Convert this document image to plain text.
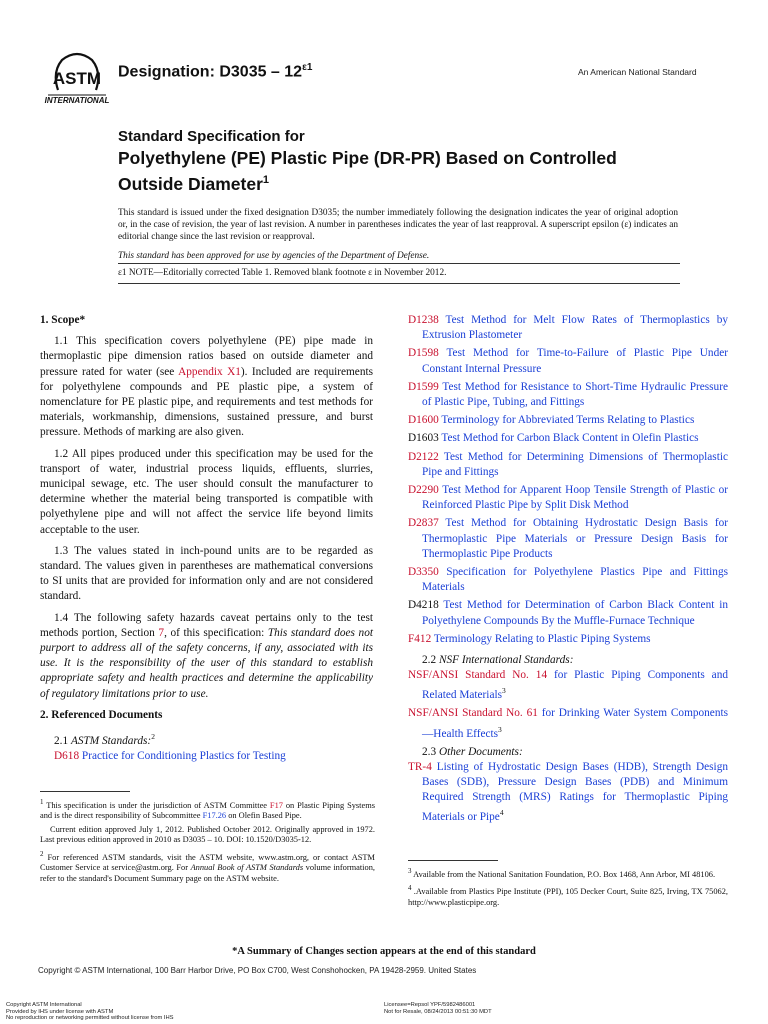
ASTM
INTERNATIONAL
Designation: $D3035 - 12^{\varepsilon 1}$	An American National Standard
Standard Specification for
Polyethylene (PE) Plastic Pipe (DR-PR) Based on Controlled
Outside Diameter$^1$

This standard is issued under the fixed designation D3035; the number immediately following the designation indicates the year of original adoption or, in the case of revision, the year of last revision. A number in parentheses indicates the year of last reapproval. A superscript epsilon (ε) indicates an editorial change since the last revision or reapproval.

This standard has been approved for use by agencies of the Department of Defense.

ε1 NOTE—Editorially corrected Table 1. Removed blank footnote ε in November 2012.

1. Scope*

1.1 This specification covers polyethylene (PE) pipe made in thermoplastic pipe dimension ratios based on outside diameter and pressure rated for water (see Appendix X1). Included are requirements for polyethylene compounds and PE plastic pipe, a system of nomenclature for PE plastic pipe, and requirements and test methods for materials, workmanship, dimensions, sustained pressure, and burst pressure. Methods of marking are also given.

1.2 All pipes produced under this specification may be used for the transport of water, industrial process liquids, effluents, slurries, municipal sewage, etc. The user should consult the manufacturer to determine whether the material being transported is compatible with polyethylene pipe and will not affect the service life beyond limits acceptable to the user.

1.3 The values stated in inch-pound units are to be regarded as standard. The values given in parentheses are mathematical conversions to SI units that are provided for information only and are not considered standard.

1.4 The following safety hazards caveat pertains only to the test methods portion, Section 7, of this specification: This standard does not purport to address all of the safety concerns, if any, associated with its use. It is the responsibility of the user of this standard to establish appropriate safety and health practices and determine the applicability of regulatory limitations prior to use.

2. Referenced Documents

2.1 ASTM Standards:$^2$

D618 Practice for Conditioning Plastics for Testing

D1238 Test Method for Melt Flow Rates of Thermoplastics by Extrusion Plastometer

D1598 Test Method for Time-to-Failure of Plastic Pipe Under Constant Internal Pressure

D1599 Test Method for Resistance to Short-Time Hydraulic Pressure of Plastic Pipe, Tubing, and Fittings

D1600 Terminology for Abbreviated Terms Relating to Plastics

D1603 Test Method for Carbon Black Content in Olefin Plastics

D2122 Test Method for Determining Dimensions of Thermoplastic Pipe and Fittings

D2290 Test Method for Apparent Hoop Tensile Strength of Plastic or Reinforced Plastic Pipe by Split Disk Method

D2837 Test Method for Obtaining Hydrostatic Design Basis for Thermoplastic Pipe Materials or Pressure Design Basis for Thermoplastic Pipe Products

D3350 Specification for Polyethylene Plastics Pipe and Fittings Materials

D4218 Test Method for Determination of Carbon Black Content in Polyethylene Compounds By the Muffle-Furnace Technique

F412 Terminology Relating to Plastic Piping Systems

2.2 NSF International Standards:

NSF/ANSI Standard No. 14 for Plastic Piping Components and Related Materials$^3$

NSF/ANSI Standard No. 61 for Drinking Water System Components—Health Effects$^3$

2.3 Other Documents:

TR-4 Listing of Hydrostatic Design Bases (HDB), Strength Design Bases (SDB), Pressure Design Bases (PDB) and Minimum Required Strength (MRS) Ratings for Thermoplastic Piping Materials or Pipe$^4$

$^1$ This specification is under the jurisdiction of ASTM Committee F17 on Plastic Piping Systems and is the direct responsibility of Subcommittee F17.26 on Olefin Based Pipe.

Current edition approved July 1, 2012. Published October 2012. Originally approved in 1972. Last previous edition approved in 2010 as D3035 – 10. DOI: 10.1520/D3035-12.

$^2$ For referenced ASTM standards, visit the ASTM website, www.astm.org, or contact ASTM Customer Service at service@astm.org. For Annual Book of ASTM Standards volume information, refer to the standard's Document Summary page on the ASTM website.

$^3$ Available from the National Sanitation Foundation, P.O. Box 1468, Ann Arbor, MI 48106.

$^4$ .Available from Plastics Pipe Institute (PPI), 105 Decker Court, Suite 825, Irving, TX 75062, http://www.plasticpipe.org.

*A Summary of Changes section appears at the end of this standard
Copyright © ASTM International, 100 Barr Harbor Drive, PO Box C700, West Conshohocken, PA 19428-2959. United States
Copyright ASTM International
Provided by IHS under license with ASTM
No reproduction or networking permitted without license from IHS
Licensee=Repsol YPF/5982486001
Not for Resale, 08/24/2013 00:51:30 MDT
